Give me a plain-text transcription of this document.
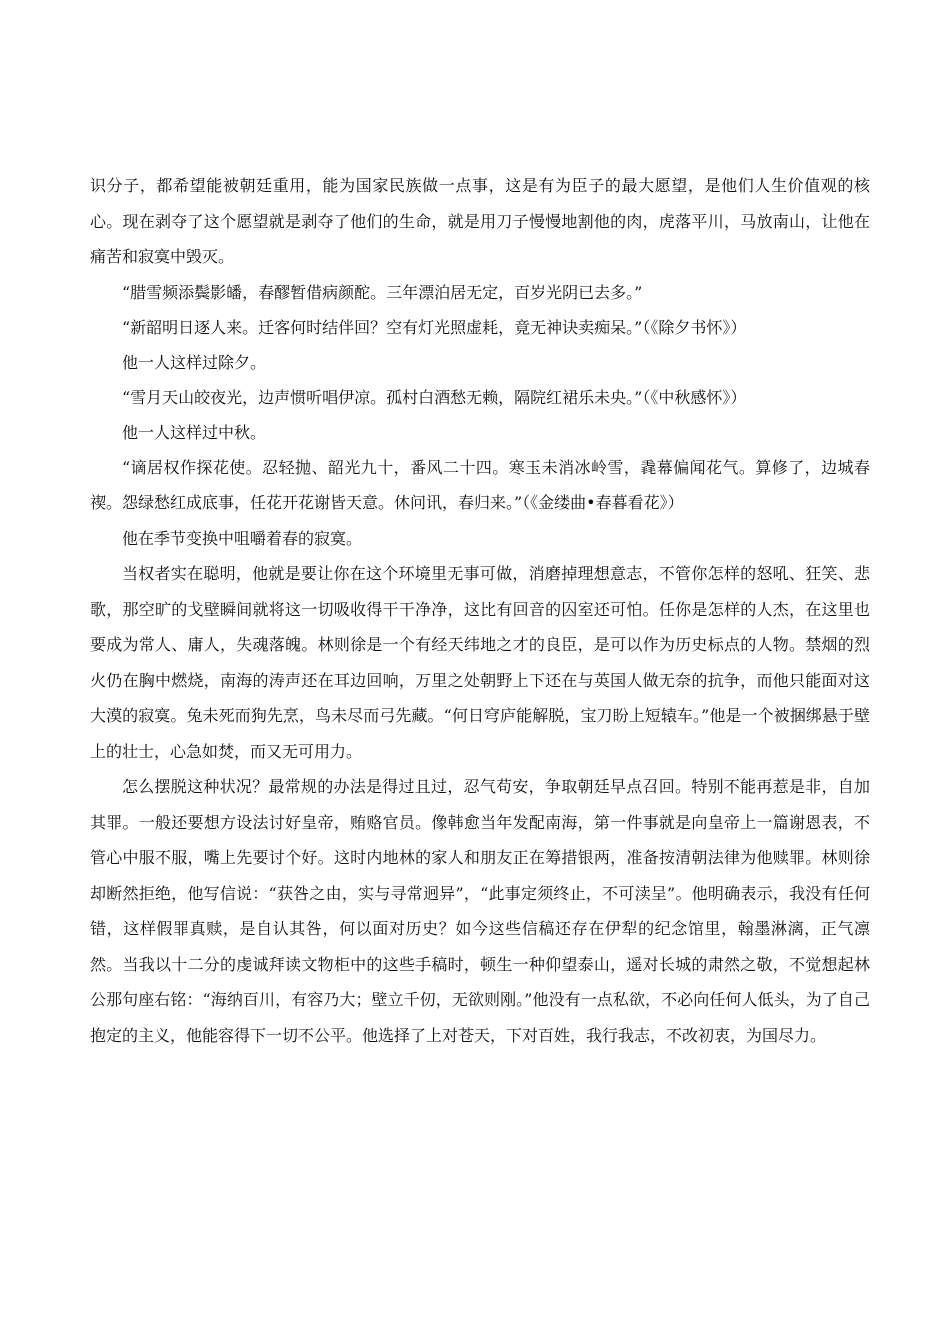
识分子，都希望能被朝廷重用，能为国家民族做一点事，这是有为臣子的最大愿望，是他们人生价值观的核心。现在剥夺了这个愿望就是剥夺了他们的生命，就是用刀子慢慢地割他的肉，虎落平川，马放南山，让他在痛苦和寂寞中毁灭。

“腊雪频添鬓影皤，春醪暂借病颜酡。三年漂泊居无定，百岁光阴已去多。”

“新韶明日逐人来。迁客何时结伴回？空有灯光照虚耗，竟无神诀卖痴呆。”（《除夕书怀》）

他一人这样过除夕。

“雪月天山皎夜光，边声惯听唱伊凉。孤村白酒愁无赖，隔院红裙乐未央。”（《中秋感怀》）

他一人这样过中秋。

“谪居权作探花使。忍轻抛、韶光九十，番风二十四。寒玉未消冰岭雪，毳幕偏闻花气。算修了，边城春禊。怨绿愁红成底事，任花开花谢皆天意。休问讯，春归来。”（《金缕曲•春暮看花》）

他在季节变换中咀嚼着春的寂寞。

当权者实在聪明，他就是要让你在这个环境里无事可做，消磨掉理想意志，不管你怎样的怒吼、狂笑、悲歌，那空旷的戈壁瞬间就将这一切吸收得干干净净，这比有回音的囚室还可怕。任你是怎样的人杰，在这里也要成为常人、庸人，失魂落魄。林则徐是一个有经天纬地之才的良臣，是可以作为历史标点的人物。禁烟的烈火仍在胸中燃烧，南海的涛声还在耳边回响，万里之处朝野上下还在与英国人做无奈的抗争，而他只能面对这大漠的寂寞。兔未死而狗先烹，鸟未尽而弓先藏。“何日穹庐能解脱，宝刀盼上短辕车。”他是一个被捆绑悬于壁上的壮士，心急如焚，而又无可用力。

怎么摆脱这种状况？最常规的办法是得过且过，忍气苟安，争取朝廷早点召回。特别不能再惹是非，自加其罪。一般还要想方设法讨好皇帝，贿赂官员。像韩愈当年发配南海，第一件事就是向皇帝上一篇谢恩表，不管心中服不服，嘴上先要讨个好。这时内地林的家人和朋友正在筹措银两，准备按清朝法律为他赎罪。林则徐却断然拒绝，他写信说：“获咎之由，实与寻常迥异”，“此事定须终止，不可渎呈”。他明确表示，我没有任何错，这样假罪真赎，是自认其咎，何以面对历史？如今这些信稿还存在伊犁的纪念馆里，翰墨淋漓，正气凛然。当我以十二分的虔诚拜读文物柜中的这些手稿时，顿生一种仰望泰山，遥对长城的肃然之敬，不觉想起林公那句座右铭：“海纳百川，有容乃大；壁立千仞，无欲则刚。”他没有一点私欲，不必向任何人低头，为了自己抱定的主义，他能容得下一切不公平。他选择了上对苍天，下对百姓，我行我志，不改初衷，为国尽力。
